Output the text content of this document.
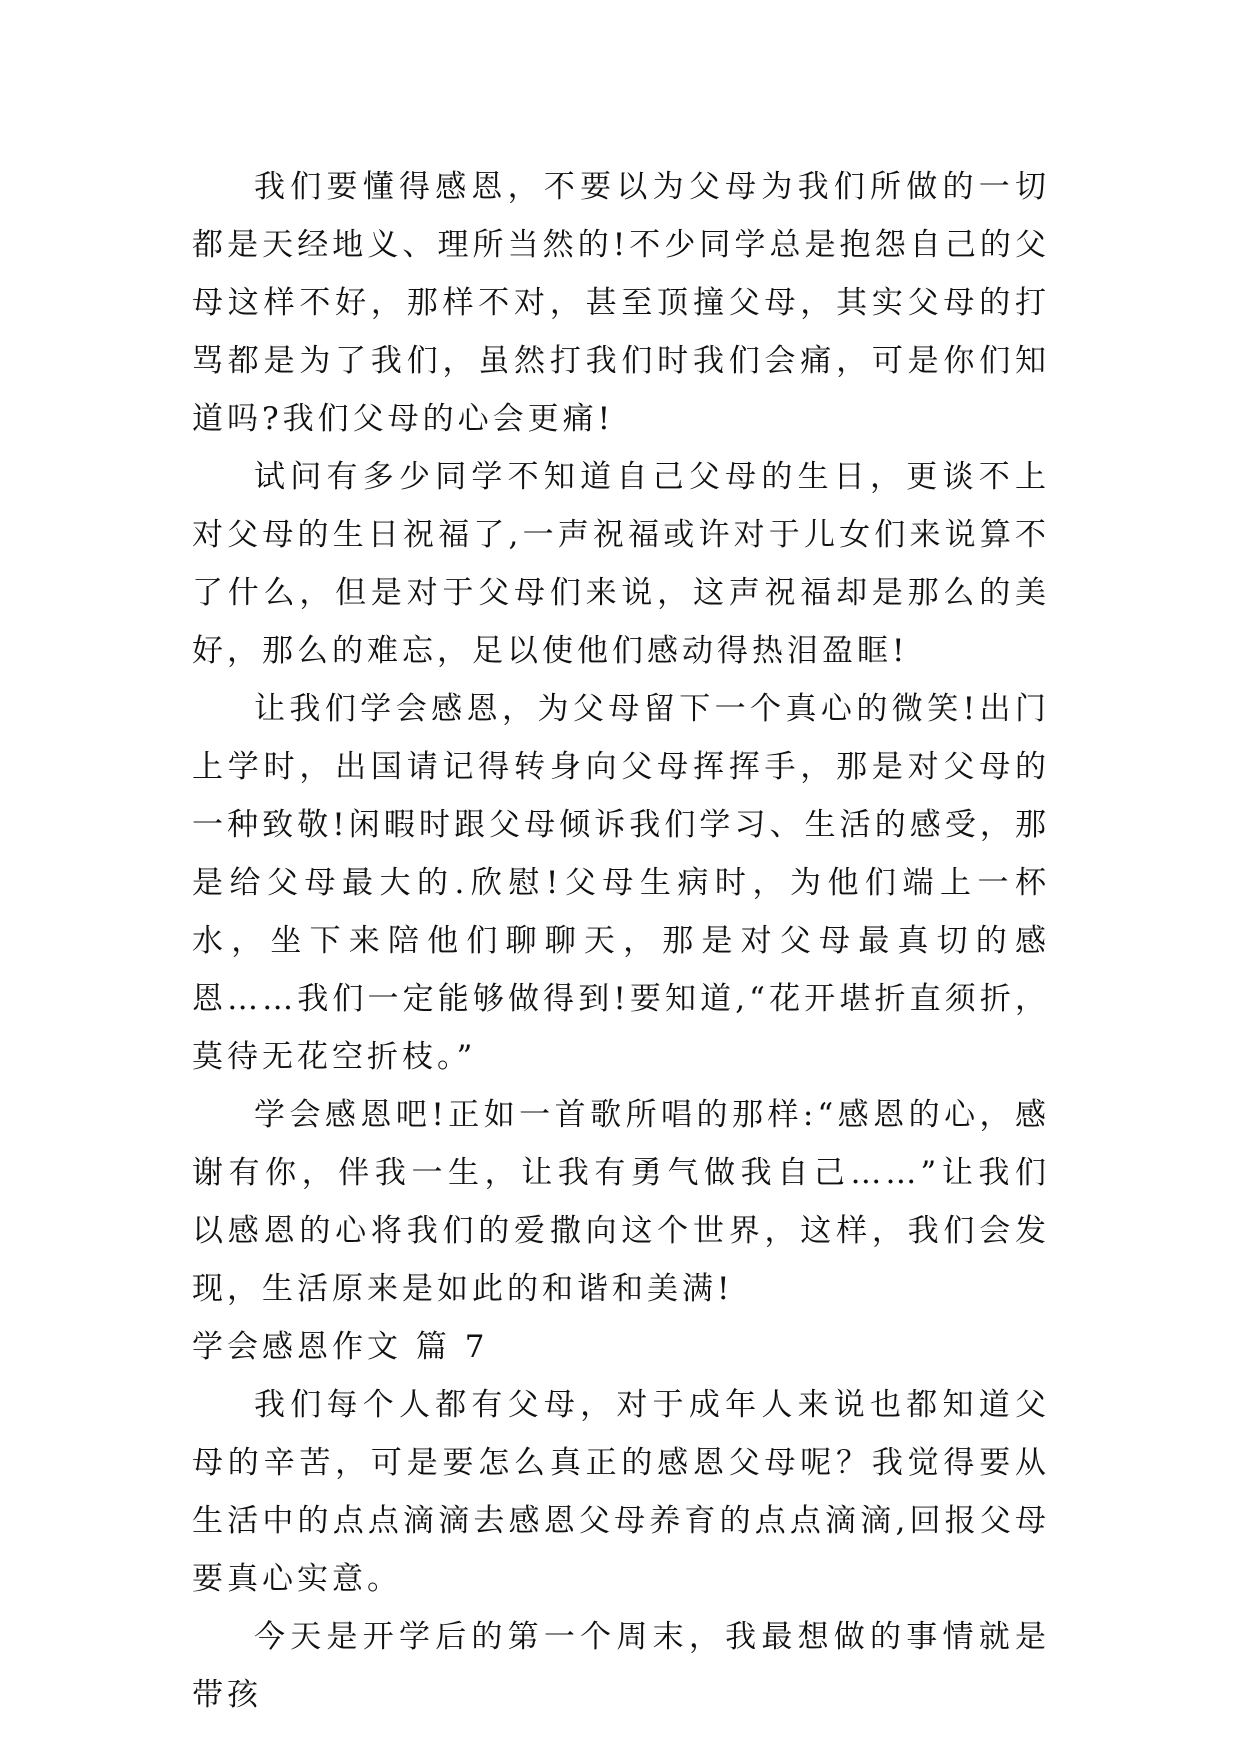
我们要懂得感恩，不要以为父母为我们所做的一切都是天经地义、理所当然的!不少同学总是抱怨自己的父母这样不好，那样不对，甚至顶撞父母，其实父母的打骂都是为了我们，虽然打我们时我们会痛，可是你们知道吗?我们父母的心会更痛!

试问有多少同学不知道自己父母的生日，更谈不上对父母的生日祝福了,一声祝福或许对于儿女们来说算不了什么，但是对于父母们来说，这声祝福却是那么的美好，那么的难忘，足以使他们感动得热泪盈眶!

让我们学会感恩，为父母留下一个真心的微笑!出门上学时，出国请记得转身向父母挥挥手，那是对父母的一种致敬!闲暇时跟父母倾诉我们学习、生活的感受，那是给父母最大的.欣慰!父母生病时，为他们端上一杯水，坐下来陪他们聊聊天，那是对父母最真切的感恩……我们一定能够做得到!要知道,“花开堪折直须折，莫待无花空折枝。”

学会感恩吧!正如一首歌所唱的那样:“感恩的心，感谢有你，伴我一生，让我有勇气做我自己……”让我们以感恩的心将我们的爱撒向这个世界，这样，我们会发现，生活原来是如此的和谐和美满!

学会感恩作文 篇 7

我们每个人都有父母，对于成年人来说也都知道父母的辛苦，可是要怎么真正的感恩父母呢？我觉得要从生活中的点点滴滴去感恩父母养育的点点滴滴,回报父母要真心实意。

今天是开学后的第一个周末，我最想做的事情就是带孩
